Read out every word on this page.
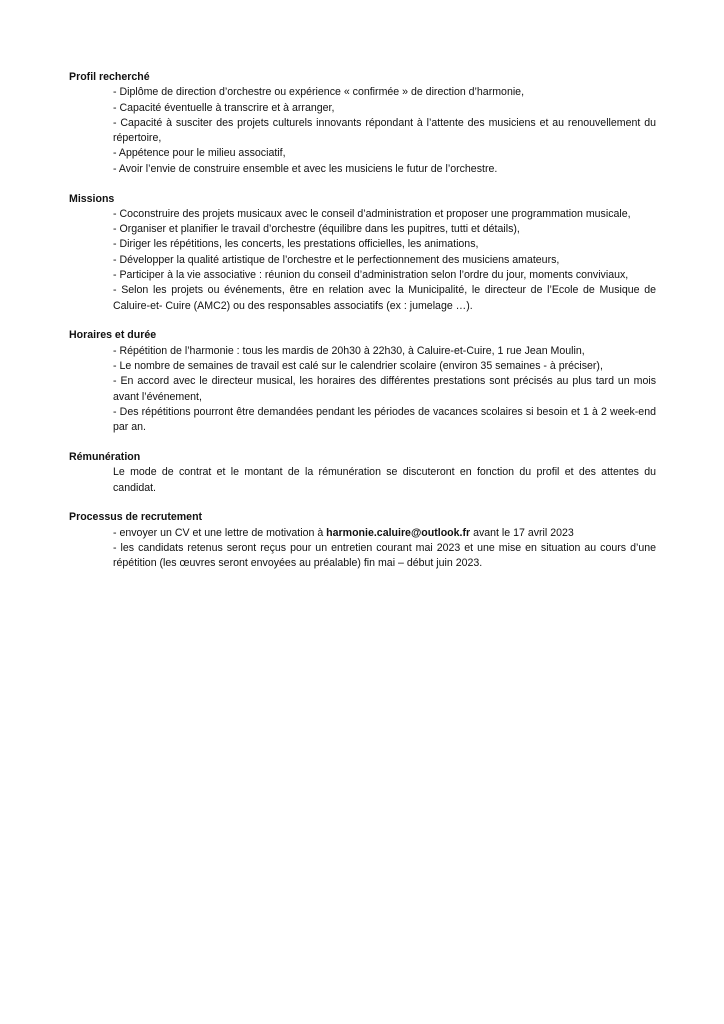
Profil recherché

- Diplôme de direction d’orchestre ou expérience « confirmée » de direction d’harmonie,

- Capacité éventuelle à transcrire et à arranger,

- Capacité à susciter des projets culturels innovants répondant à l’attente des musiciens et au renouvellement du répertoire,

- Appétence pour le milieu associatif,

- Avoir l’envie de construire ensemble et avec les musiciens le futur de l’orchestre.

Missions

- Coconstruire des projets musicaux avec le conseil d’administration et proposer une programmation musicale,

- Organiser et planifier le travail d’orchestre (équilibre dans les pupitres, tutti et détails),

- Diriger les répétitions, les concerts, les prestations officielles, les animations,

- Développer la qualité artistique de l’orchestre et le perfectionnement des musiciens amateurs,

- Participer à la vie associative : réunion du conseil d’administration selon l’ordre du jour, moments conviviaux,

- Selon les projets ou événements, être en relation avec la Municipalité, le directeur de l’Ecole de Musique de Caluire-et- Cuire (AMC2) ou des responsables associatifs (ex : jumelage …).

Horaires et durée

- Répétition de l’harmonie : tous les mardis de 20h30 à 22h30, à Caluire-et-Cuire, 1 rue Jean Moulin,

- Le nombre de semaines de travail est calé sur le calendrier scolaire (environ 35 semaines - à préciser),

- En accord avec le directeur musical, les horaires des différentes prestations sont précisés au plus tard un mois avant l’événement,

- Des répétitions pourront être demandées pendant les périodes de vacances scolaires si besoin et 1 à 2 week-end par an.

Rémunération

Le mode de contrat et le montant de la rémunération se discuteront en fonction du profil et des attentes du candidat.

Processus de recrutement

- envoyer un CV et une lettre de motivation à harmonie.caluire@outlook.fr avant le 17 avril 2023

- les candidats retenus seront reçus pour un entretien courant mai 2023 et une mise en situation au cours d’une répétition (les œuvres seront envoyées au préalable) fin mai – début juin 2023.
